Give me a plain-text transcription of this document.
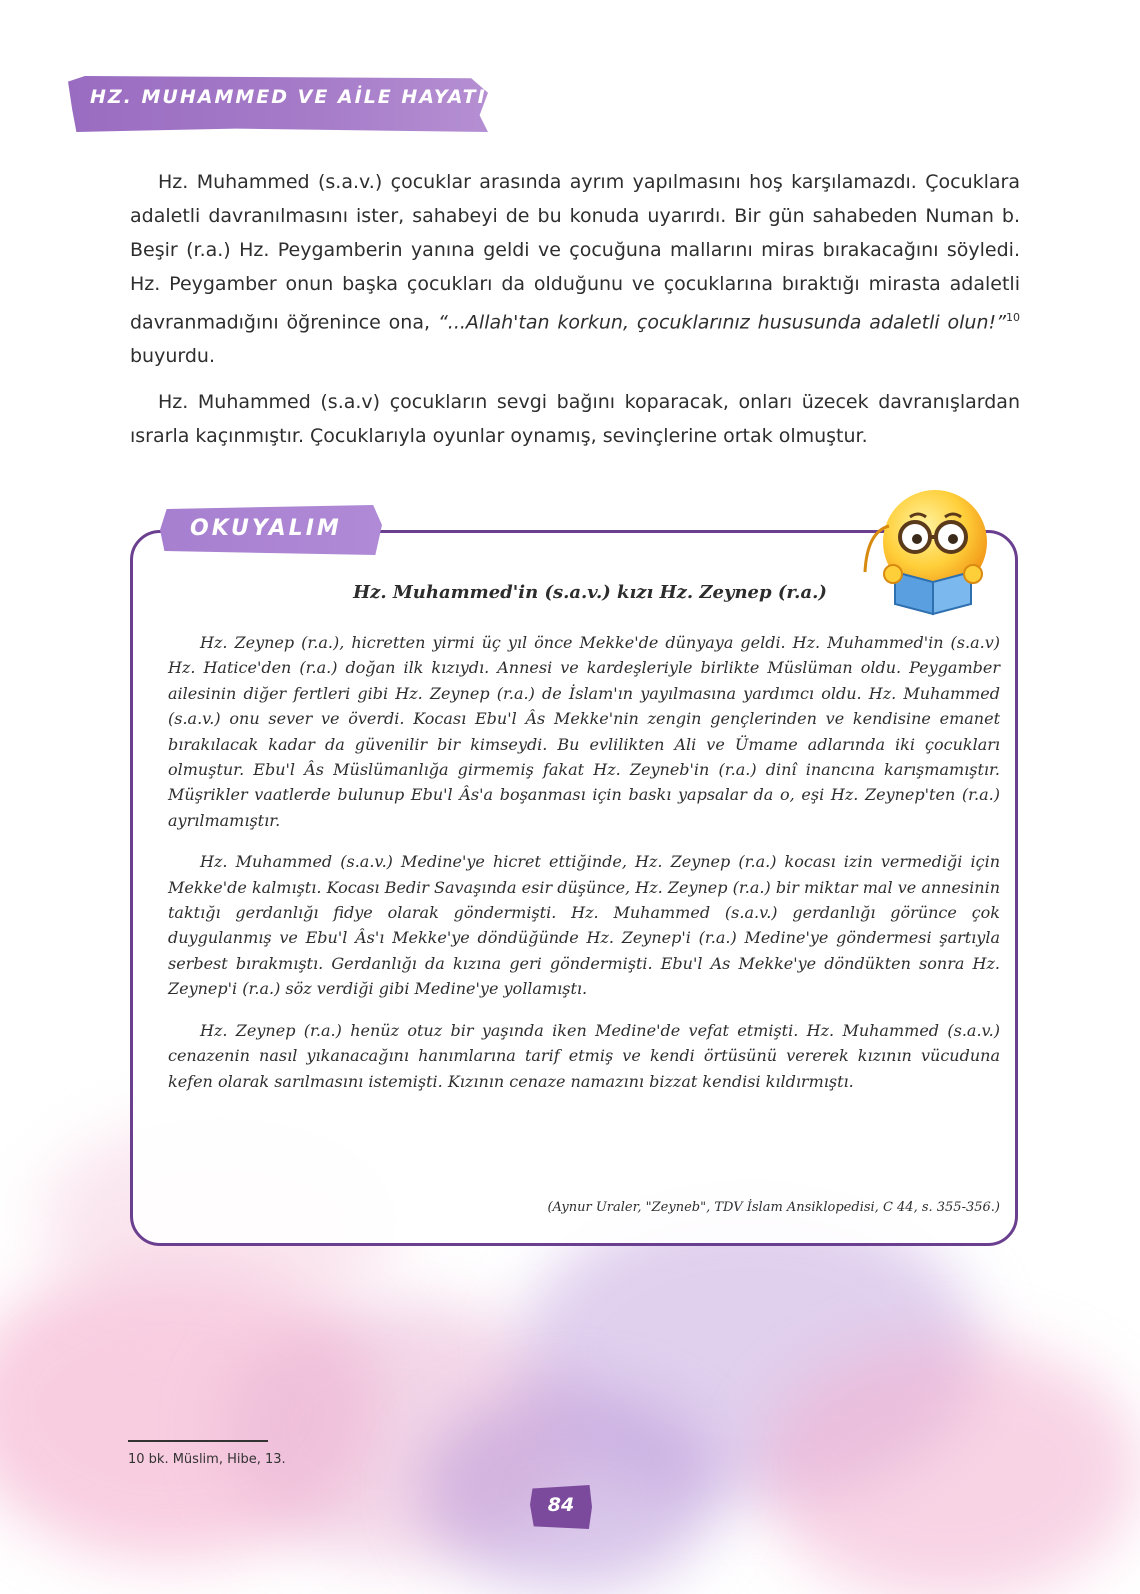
HZ. MUHAMMED VE AİLE HAYATI

Hz. Muhammed (s.a.v.) çocuklar arasında ayrım yapılmasını hoş karşılamazdı. Çocuklara adaletli davranılmasını ister, sahabeyi de bu konuda uyarırdı. Bir gün sahabeden Numan b. Beşir (r.a.) Hz. Peygamberin yanına geldi ve çocuğuna mallarını miras bırakacağını söyledi. Hz. Peygamber onun başka çocukları da olduğunu ve çocuklarına bıraktığı mirasta adaletli davranmadığını öğrenince ona, “...Allah'tan korkun, çocuklarınız hususunda adaletli olun!”$^{10}$ buyurdu.

Hz. Muhammed (s.a.v) çocukların sevgi bağını koparacak, onları üzecek davranışlardan ısrarla kaçınmıştır. Çocuklarıyla oyunlar oynamış, sevinçlerine ortak olmuştur.

OKUYALIM
Hz. Muhammed'in (s.a.v.) kızı Hz. Zeynep (r.a.)

Hz. Zeynep (r.a.), hicretten yirmi üç yıl önce Mekke'de dünyaya geldi. Hz. Muhammed'in (s.a.v) Hz. Hatice'den (r.a.) doğan ilk kızıydı. Annesi ve kardeşleriyle birlikte Müslüman oldu. Peygamber ailesinin diğer fertleri gibi Hz. Zeynep (r.a.) de İslam'ın yayılmasına yardımcı oldu. Hz. Muhammed (s.a.v.) onu sever ve överdi. Kocası Ebu'l Âs Mekke'nin zengin gençlerinden ve kendisine emanet bırakılacak kadar da güvenilir bir kimseydi. Bu evlilikten Ali ve Ümame adlarında iki çocukları olmuştur. Ebu'l Âs Müslümanlığa girmemiş fakat Hz. Zeyneb'in (r.a.) dinî inancına karışmamıştır. Müşrikler vaatlerde bulunup Ebu'l Âs'a boşanması için baskı yapsalar da o, eşi Hz. Zeynep'ten (r.a.) ayrılmamıştır.

Hz. Muhammed (s.a.v.) Medine'ye hicret ettiğinde, Hz. Zeynep (r.a.) kocası izin vermediği için Mekke'de kalmıştı. Kocası Bedir Savaşında esir düşünce, Hz. Zeynep (r.a.) bir miktar mal ve annesinin taktığı gerdanlığı fidye olarak göndermişti. Hz. Muhammed (s.a.v.) gerdanlığı görünce çok duygulanmış ve Ebu'l Âs'ı Mekke'ye döndüğünde Hz. Zeynep'i (r.a.) Medine'ye göndermesi şartıyla serbest bırakmıştı. Gerdanlığı da kızına geri göndermişti. Ebu'l As Mekke'ye döndükten sonra Hz. Zeynep'i (r.a.) söz verdiği gibi Medine'ye yollamıştı.

Hz. Zeynep (r.a.) henüz otuz bir yaşında iken Medine'de vefat etmişti. Hz. Muhammed (s.a.v.) cenazenin nasıl yıkanacağını hanımlarına tarif etmiş ve kendi örtüsünü vererek kızının vücuduna kefen olarak sarılmasını istemişti. Kızının cenaze namazını bizzat kendisi kıldırmıştı.

(Aynur Uraler, "Zeyneb", TDV İslam Ansiklopedisi, C 44, s. 355-356.)
10 bk. Müslim, Hibe, 13.
84
